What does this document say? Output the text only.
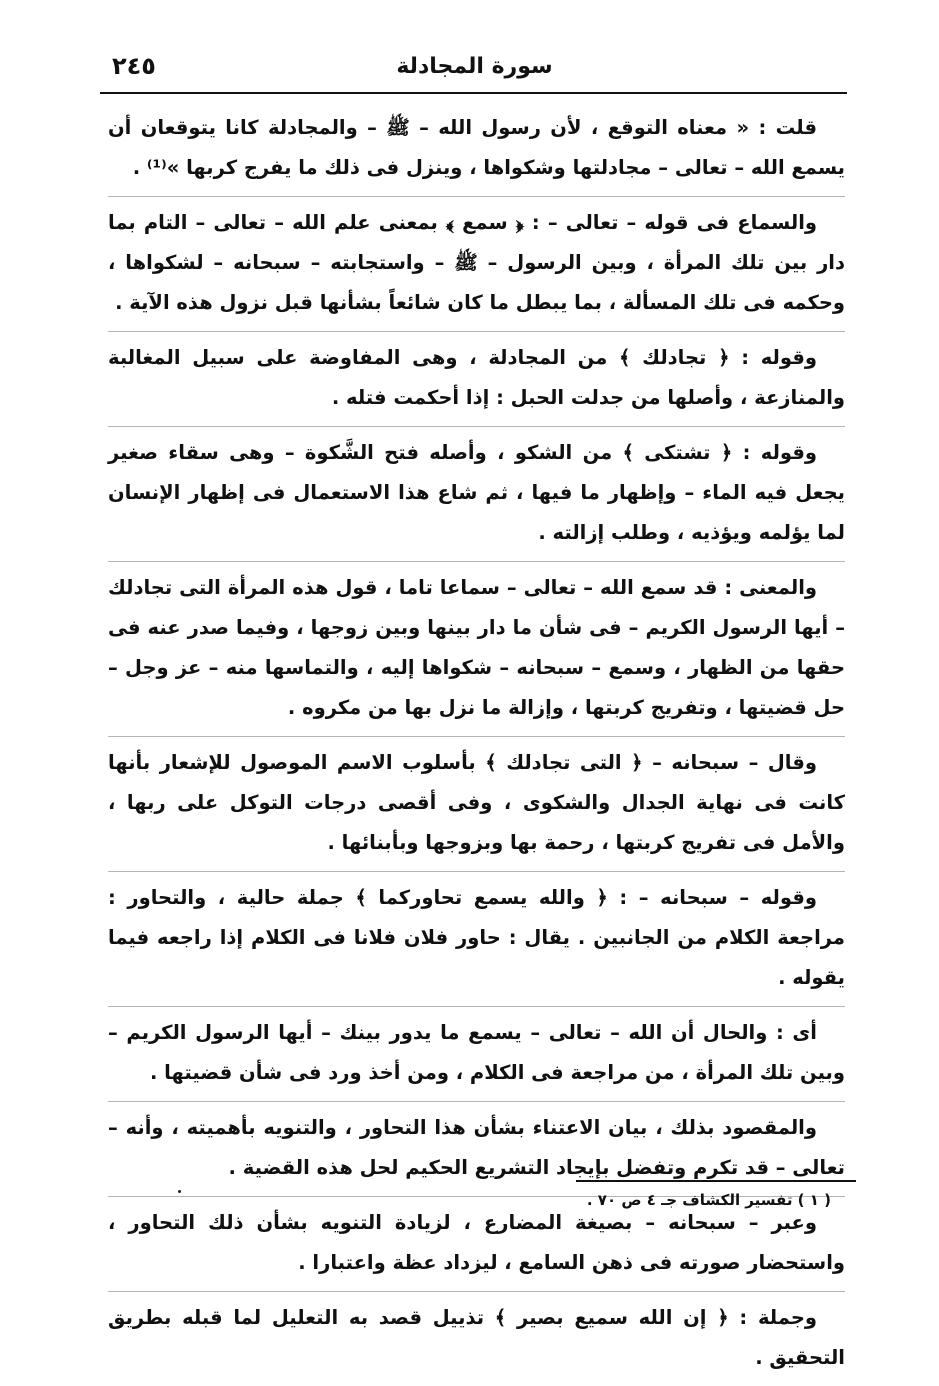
٢٤٥	سورة المجادلة

قلت : « معناه التوقع ، لأن رسول الله – ﷺ – والمجادلة كانا يتوقعان أن يسمع الله – تعالى – مجادلتها وشكواها ، وينزل فى ذلك ما يفرج كربها »⁽¹⁾ .

والسماع فى قوله – تعالى – : ﴿ سمع ﴾ بمعنى علم الله – تعالى – التام بما دار بين تلك المرأة ، وبين الرسول – ﷺ – واستجابته – سبحانه – لشكواها ، وحكمه فى تلك المسألة ، بما يبطل ما كان شائعاً بشأنها قبل نزول هذه الآية .

وقوله : ﴿ تجادلك ﴾ من المجادلة ، وهى المفاوضة على سبيل المغالبة والمنازعة ، وأصلها من جدلت الحبل : إذا أحكمت فتله .

وقوله : ﴿ تشتكى ﴾ من الشكو ، وأصله فتح الشَّكوة – وهى سقاء صغير يجعل فيه الماء – وإظهار ما فيها ، ثم شاع هذا الاستعمال فى إظهار الإنسان لما يؤلمه ويؤذيه ، وطلب إزالته .

والمعنى : قد سمع الله – تعالى – سماعا تاما ، قول هذه المرأة التى تجادلك – أيها الرسول الكريم – فى شأن ما دار بينها وبين زوجها ، وفيما صدر عنه فى حقها من الظهار ، وسمع – سبحانه – شكواها إليه ، والتماسها منه – عز وجل – حل قضيتها ، وتفريج كربتها ، وإزالة ما نزل بها من مكروه .

وقال – سبحانه – ﴿ التى تجادلك ﴾ بأسلوب الاسم الموصول للإشعار بأنها كانت فى نهاية الجدال والشكوى ، وفى أقصى درجات التوكل على ربها ، والأمل فى تفريج كربتها ، رحمة بها وبزوجها وبأبنائها .

وقوله – سبحانه – : ﴿ والله يسمع تحاوركما ﴾ جملة حالية ، والتحاور : مراجعة الكلام من الجانبين . يقال : حاور فلان فلانا فى الكلام إذا راجعه فيما يقوله .

أى : والحال أن الله – تعالى – يسمع ما يدور بينك – أيها الرسول الكريم – وبين تلك المرأة ، من مراجعة فى الكلام ، ومن أخذ ورد فى شأن قضيتها .

والمقصود بذلك ، بيان الاعتناء بشأن هذا التحاور ، والتنويه بأهميته ، وأنه – تعالى – قد تكرم وتفضل بإيجاد التشريع الحكيم لحل هذه القضية .

وعبر – سبحانه – بصيغة المضارع ، لزيادة التنويه بشأن ذلك التحاور ، واستحضار صورته فى ذهن السامع ، ليزداد عظة واعتبارا .

وجملة : ﴿ إن الله سميع بصير ﴾ تذييل قصد به التعليل لما قبله بطريق التحقيق .

( ١ ) تفسير الكشاف جـ ٤ ص ٧٠ .
